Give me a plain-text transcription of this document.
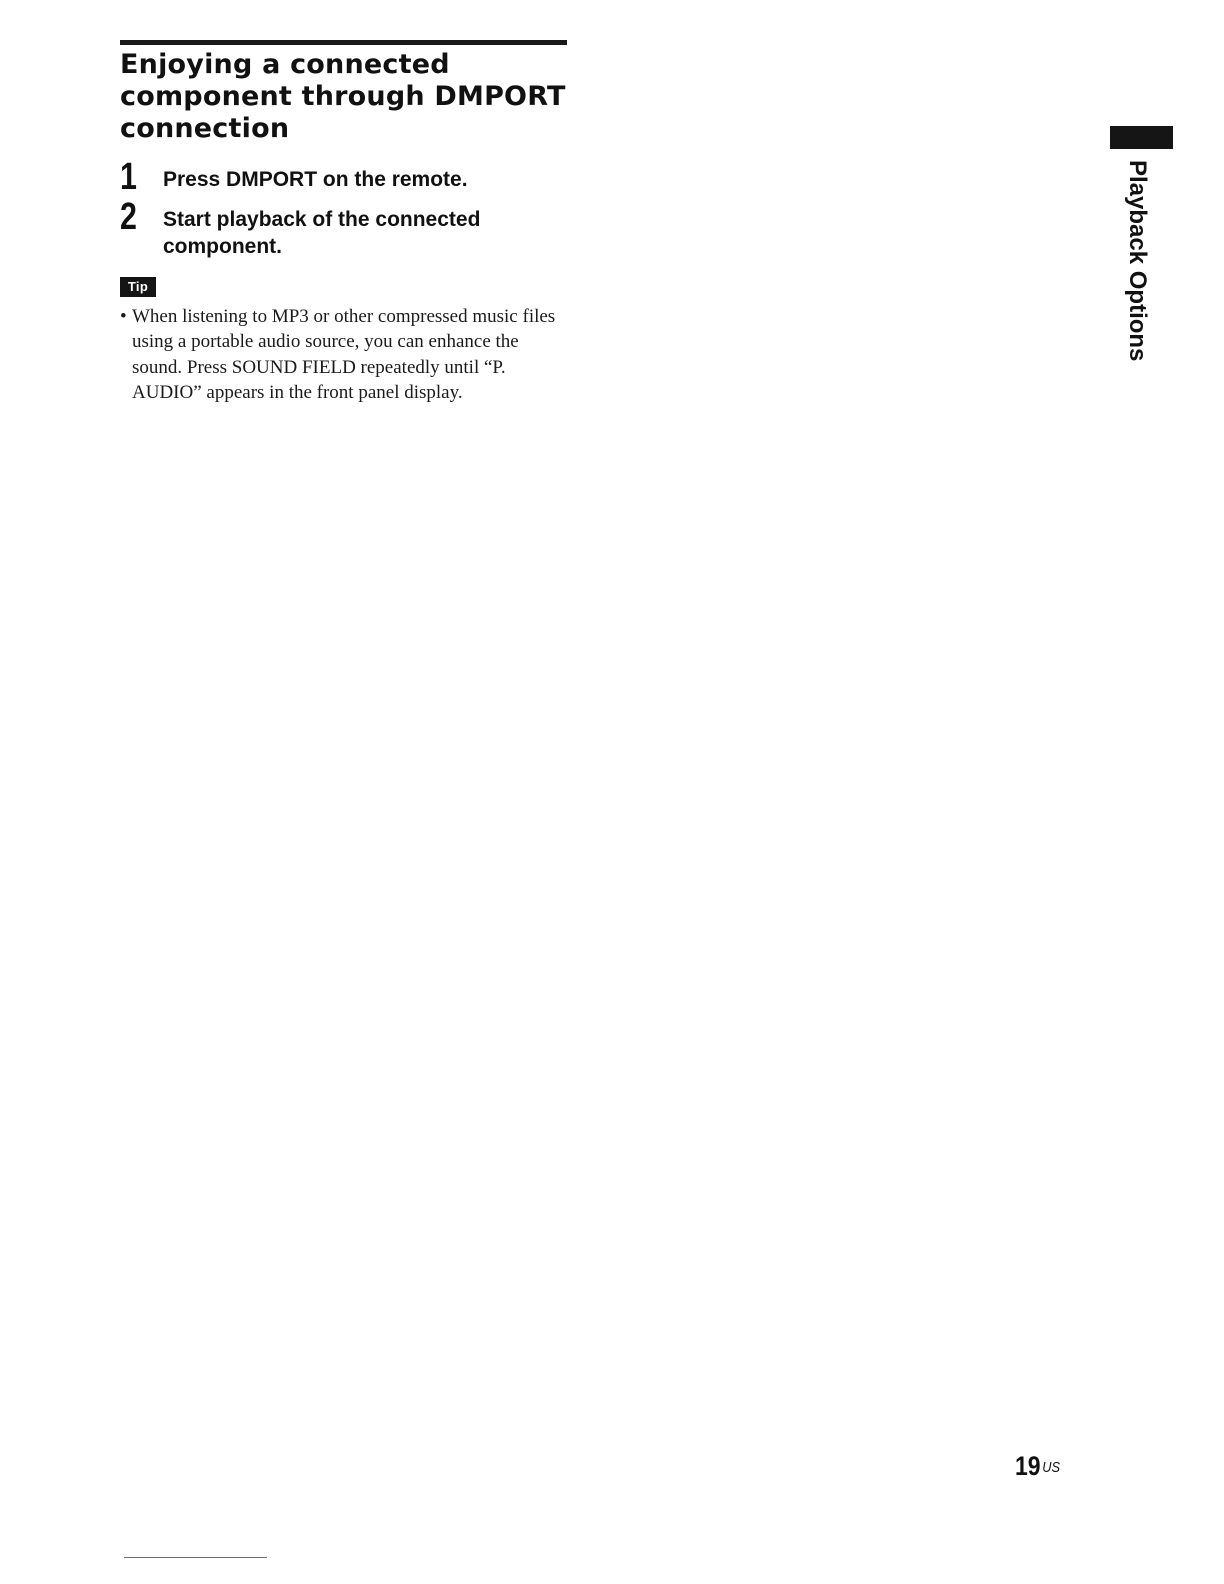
Enjoying a connected component through DMPORT connection
1 Press DMPORT on the remote.
2 Start playback of the connected component.
Tip
• When listening to MP3 or other compressed music files using a portable audio source, you can enhance the sound. Press SOUND FIELD repeatedly until “P. AUDIO” appears in the front panel display.
Playback Options
19 $^{US}$
